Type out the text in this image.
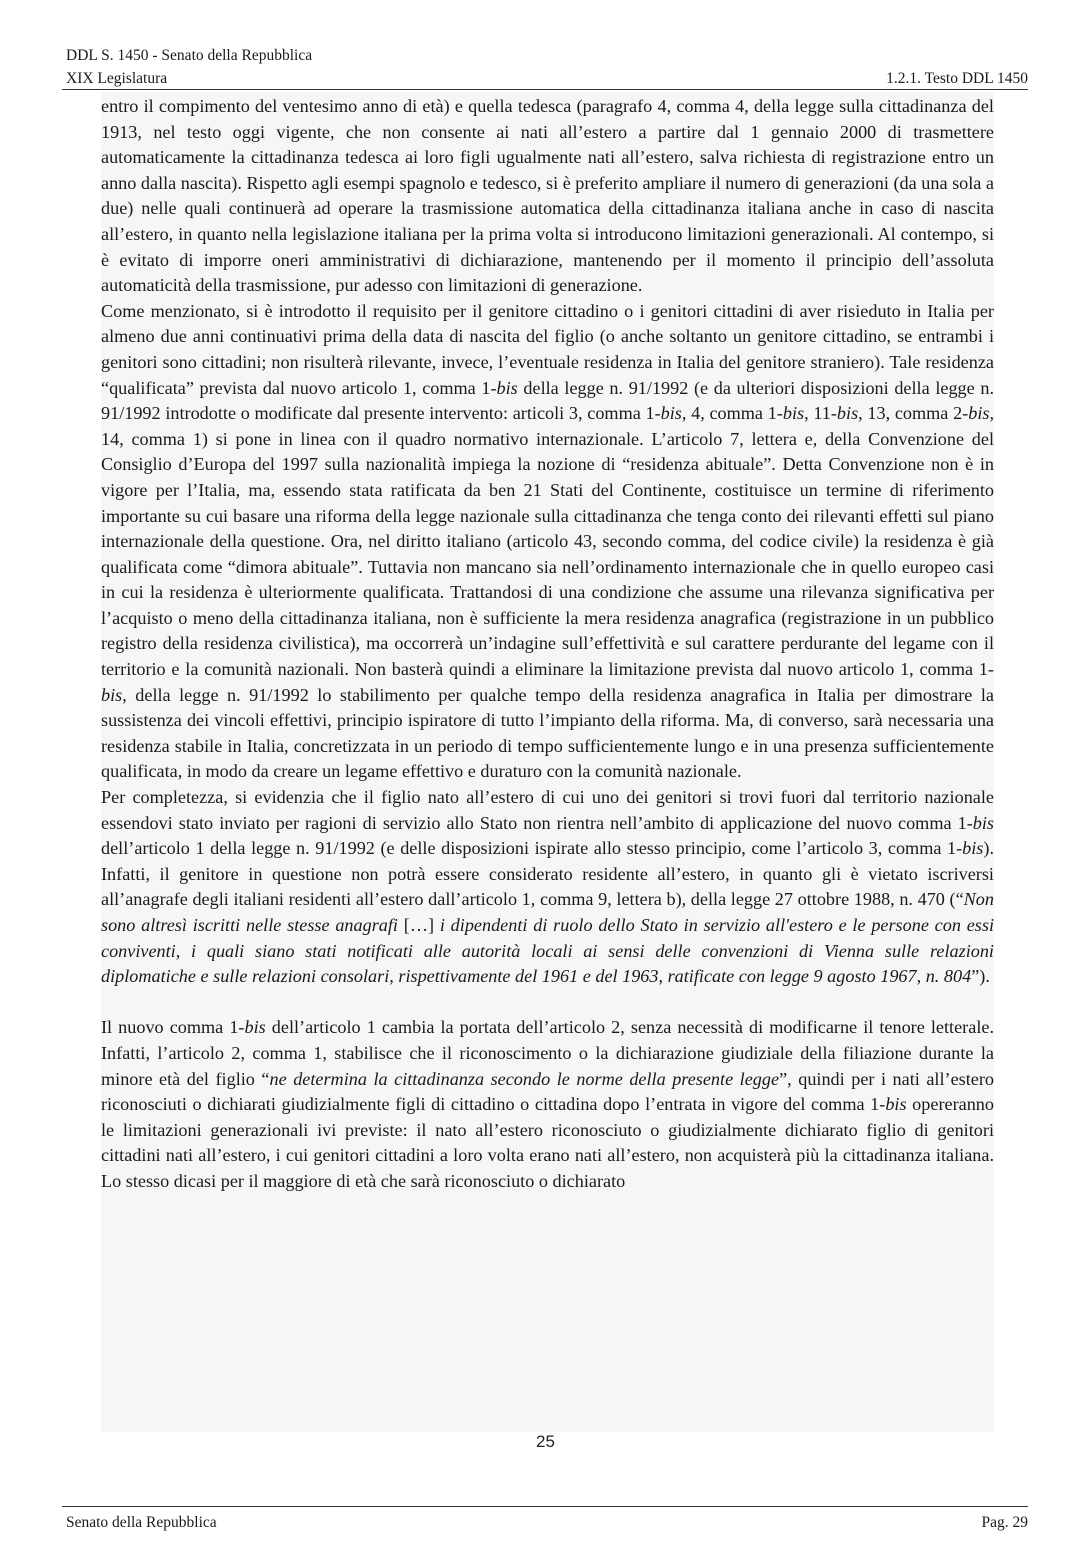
DDL S. 1450 - Senato della Repubblica
XIX Legislatura	1.2.1. Testo DDL 1450

entro il compimento del ventesimo anno di età) e quella tedesca (paragrafo 4, comma 4, della legge sulla cittadinanza del 1913, nel testo oggi vigente, che non consente ai nati all’estero a partire dal 1 gennaio 2000 di trasmettere automaticamente la cittadinanza tedesca ai loro figli ugualmente nati all’estero, salva richiesta di registrazione entro un anno dalla nascita). Rispetto agli esempi spagnolo e tedesco, si è preferito ampliare il numero di generazioni (da una sola a due) nelle quali continuerà ad operare la trasmissione automatica della cittadinanza italiana anche in caso di nascita all’estero, in quanto nella legislazione italiana per la prima volta si introducono limitazioni generazionali. Al contempo, si è evitato di imporre oneri amministrativi di dichiarazione, mantenendo per il momento il principio dell’assoluta automaticità della trasmissione, pur adesso con limitazioni di generazione.

Come menzionato, si è introdotto il requisito per il genitore cittadino o i genitori cittadini di aver risieduto in Italia per almeno due anni continuativi prima della data di nascita del figlio (o anche soltanto un genitore cittadino, se entrambi i genitori sono cittadini; non risulterà rilevante, invece, l’eventuale residenza in Italia del genitore straniero). Tale residenza “qualificata” prevista dal nuovo articolo 1, comma 1-bis della legge n. 91/1992 (e da ulteriori disposizioni della legge n. 91/1992 introdotte o modificate dal presente intervento: articoli 3, comma 1-bis, 4, comma 1-bis, 11-bis, 13, comma 2-bis, 14, comma 1) si pone in linea con il quadro normativo internazionale. L’articolo 7, lettera e, della Convenzione del Consiglio d’Europa del 1997 sulla nazionalità impiega la nozione di “residenza abituale”. Detta Convenzione non è in vigore per l’Italia, ma, essendo stata ratificata da ben 21 Stati del Continente, costituisce un termine di riferimento importante su cui basare una riforma della legge nazionale sulla cittadinanza che tenga conto dei rilevanti effetti sul piano internazionale della questione. Ora, nel diritto italiano (articolo 43, secondo comma, del codice civile) la residenza è già qualificata come “dimora abituale”. Tuttavia non mancano sia nell’ordinamento internazionale che in quello europeo casi in cui la residenza è ulteriormente qualificata. Trattandosi di una condizione che assume una rilevanza significativa per l’acquisto o meno della cittadinanza italiana, non è sufficiente la mera residenza anagrafica (registrazione in un pubblico registro della residenza civilistica), ma occorrerà un’indagine sull’effettività e sul carattere perdurante del legame con il territorio e la comunità nazionali. Non basterà quindi a eliminare la limitazione prevista dal nuovo articolo 1, comma 1-bis, della legge n. 91/1992 lo stabilimento per qualche tempo della residenza anagrafica in Italia per dimostrare la sussistenza dei vincoli effettivi, principio ispiratore di tutto l’impianto della riforma. Ma, di converso, sarà necessaria una residenza stabile in Italia, concretizzata in un periodo di tempo sufficientemente lungo e in una presenza sufficientemente qualificata, in modo da creare un legame effettivo e duraturo con la comunità nazionale.

Per completezza, si evidenzia che il figlio nato all’estero di cui uno dei genitori si trovi fuori dal territorio nazionale essendovi stato inviato per ragioni di servizio allo Stato non rientra nell’ambito di applicazione del nuovo comma 1-bis dell’articolo 1 della legge n. 91/1992 (e delle disposizioni ispirate allo stesso principio, come l’articolo 3, comma 1-bis). Infatti, il genitore in questione non potrà essere considerato residente all’estero, in quanto gli è vietato iscriversi all’anagrafe degli italiani residenti all’estero dall’articolo 1, comma 9, lettera b), della legge 27 ottobre 1988, n. 470 (“Non sono altresì iscritti nelle stesse anagrafi […] i dipendenti di ruolo dello Stato in servizio all'estero e le persone con essi conviventi, i quali siano stati notificati alle autorità locali ai sensi delle convenzioni di Vienna sulle relazioni diplomatiche e sulle relazioni consolari, rispettivamente del 1961 e del 1963, ratificate con legge 9 agosto 1967, n. 804”).

Il nuovo comma 1-bis dell’articolo 1 cambia la portata dell’articolo 2, senza necessità di modificarne il tenore letterale. Infatti, l’articolo 2, comma 1, stabilisce che il riconoscimento o la dichiarazione giudiziale della filiazione durante la minore età del figlio “ne determina la cittadinanza secondo le norme della presente legge”, quindi per i nati all’estero riconosciuti o dichiarati giudizialmente figli di cittadino o cittadina dopo l’entrata in vigore del comma 1-bis opereranno le limitazioni generazionali ivi previste: il nato all’estero riconosciuto o giudizialmente dichiarato figlio di genitori cittadini nati all’estero, i cui genitori cittadini a loro volta erano nati all’estero, non acquisterà più la cittadinanza italiana. Lo stesso dicasi per il maggiore di età che sarà riconosciuto o dichiarato

25
Senato della Repubblica	Pag. 29
